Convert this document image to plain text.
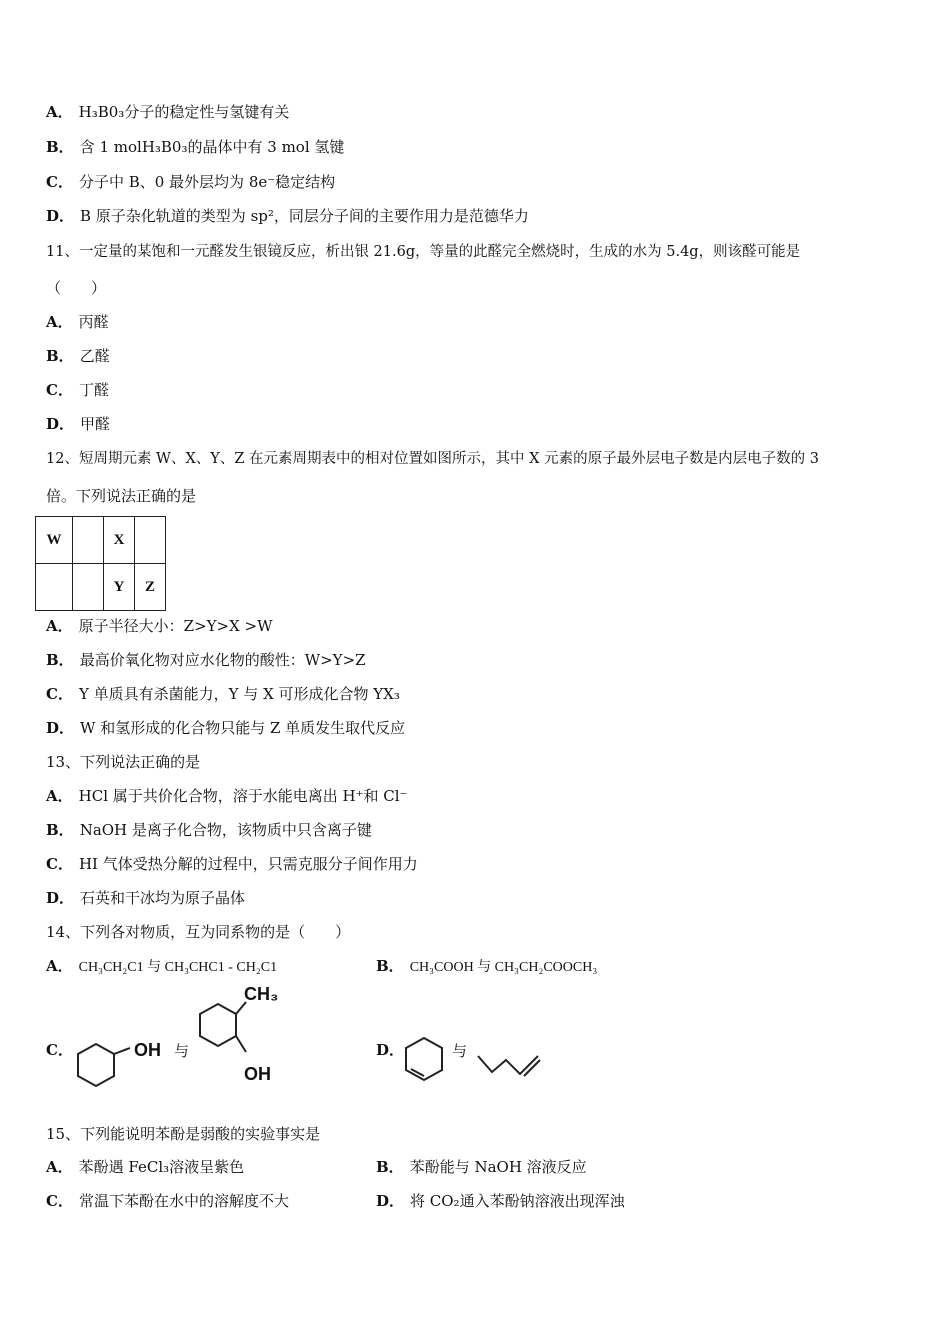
A． H₃B0₃分子的稳定性与氢键有关
B． 含 1 molH₃B0₃的晶体中有 3 mol 氢键
C． 分子中 B、0 最外层均为 8e⁻稳定结构
D． B 原子杂化轨道的类型为 sp²，同层分子间的主要作用力是范德华力
11、一定量的某饱和一元醛发生银镜反应，析出银 21.6g，等量的此醛完全燃烧时，生成的水为 5.4g，则该醛可能是
（　　）
A． 丙醛
B． 乙醛
C． 丁醛
D． 甲醛
12、短周期元素 W、X、Y、Z 在元素周期表中的相对位置如图所示，其中 X 元素的原子最外层电子数是内层电子数的 3
倍。下列说法正确的是
W		X	
		Y	Z
A． 原子半径大小：Z>Y>X >W
B． 最高价氧化物对应水化物的酸性：W>Y>Z
C． Y 单质具有杀菌能力，Y 与 X 可形成化合物 YX₃
D． W 和氢形成的化合物只能与 Z 单质发生取代反应
13、下列说法正确的是
A． HCl 属于共价化合物，溶于水能电离出 H⁺和 Cl⁻
B． NaOH 是离子化合物，该物质中只含离子键
C． HI 气体受热分解的过程中，只需克服分子间作用力
D． 石英和干冰均为原子晶体
14、下列各对物质，互为同系物的是（　　）
A． CH₃CH₂C1 与 CH₃CHC1 - CH₂C1	B． CH₃COOH 与 CH₃CH₂COOCH₃
C．	OH 与
CH₃
OH
D．	与
15、下列能说明苯酚是弱酸的实验事实是
A． 苯酚遇 FeCl₃溶液呈紫色	B． 苯酚能与 NaOH 溶液反应
C． 常温下苯酚在水中的溶解度不大	D． 将 CO₂通入苯酚钠溶液出现浑浊
